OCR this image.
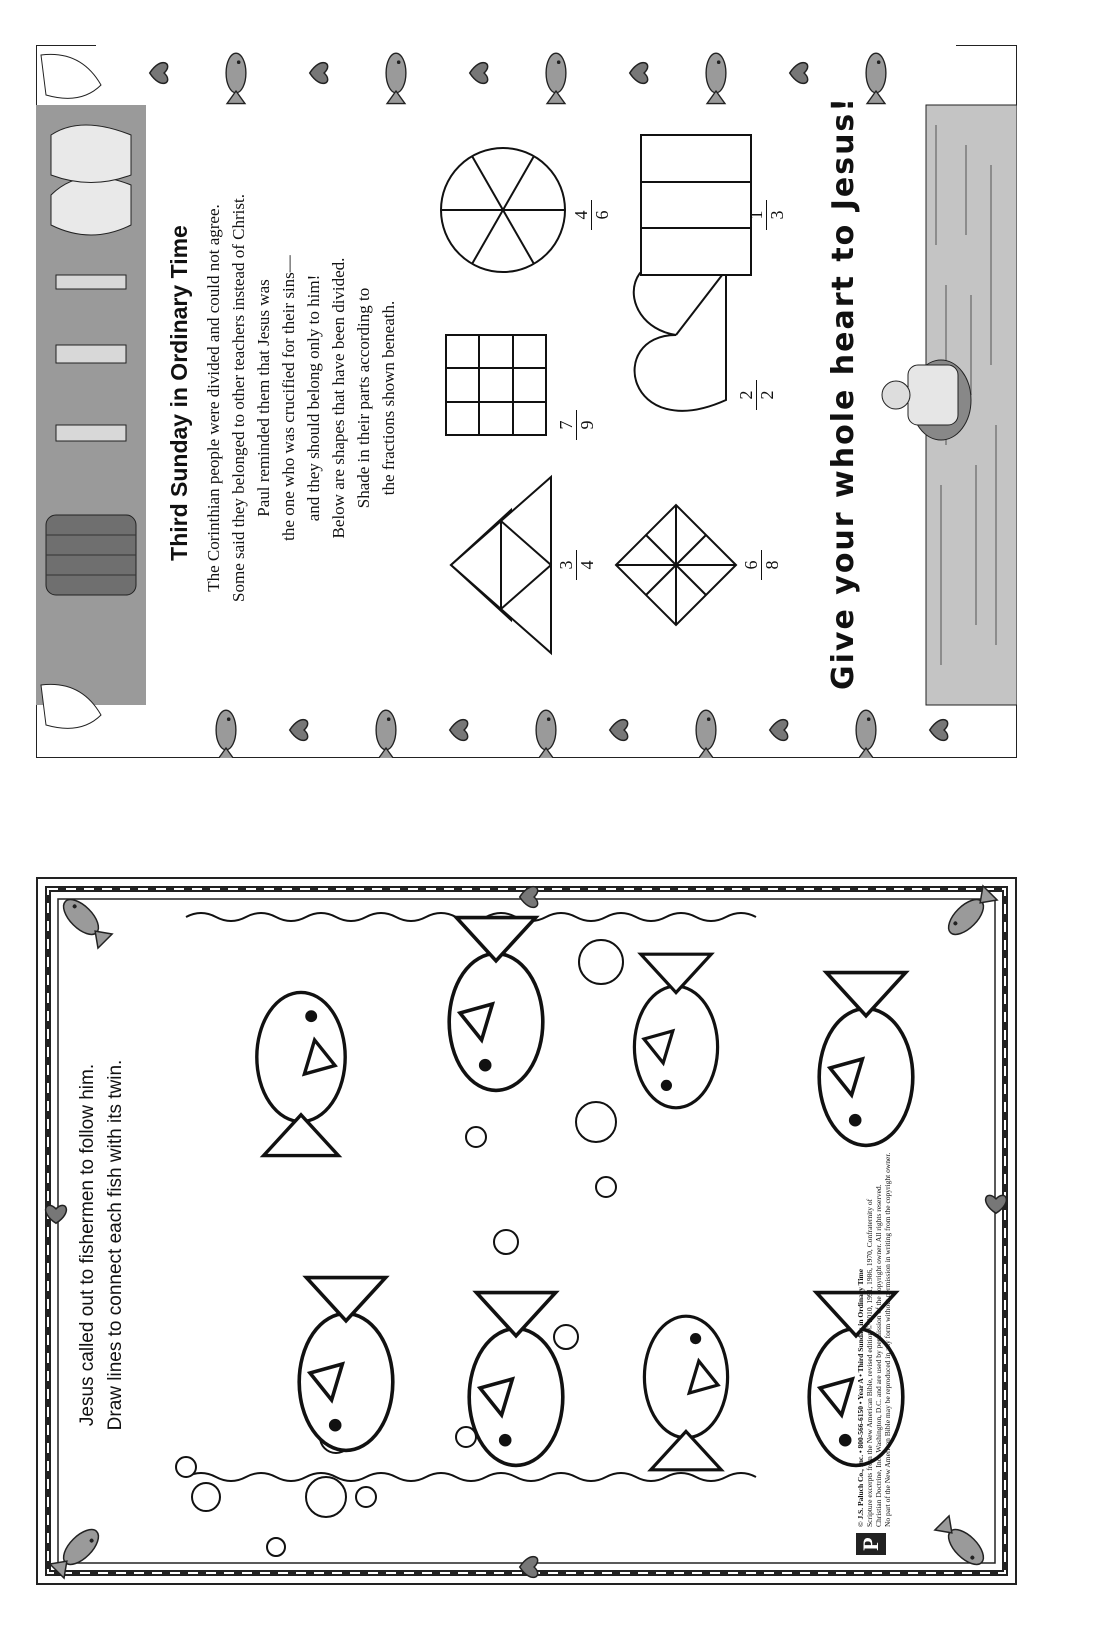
Third Sunday in Ordinary Time The Corinthian people were divided and could not agree. Some said they belonged to other teachers instead of Christ. Paul reminded them that Jesus was the one who was crucified for their sins— and they should belong only to him! Below are shapes that have been divided. Shade in their parts according to the fractions shown beneath.
3 4
7 9
4 6
6 8
2 2
1 3 Give your whole heart to Jesus!
Jesus called out to fishermen to follow him. Draw lines to connect each fish with its twin.
P
© J.S. Paluch Co., Inc. • 800-566-6150 • Year A • Third Sunday in Ordinary Time Scripture excerpts from the New American Bible, revised edition © 2010, 1991, 1986, 1970, Confraternity of Christian Doctrine, Inc., Washington, D.C. and are used by permission of the copyright owner. All rights reserved. No part of the New American Bible may be reproduced in any form without permission in writing from the copyright owner.
